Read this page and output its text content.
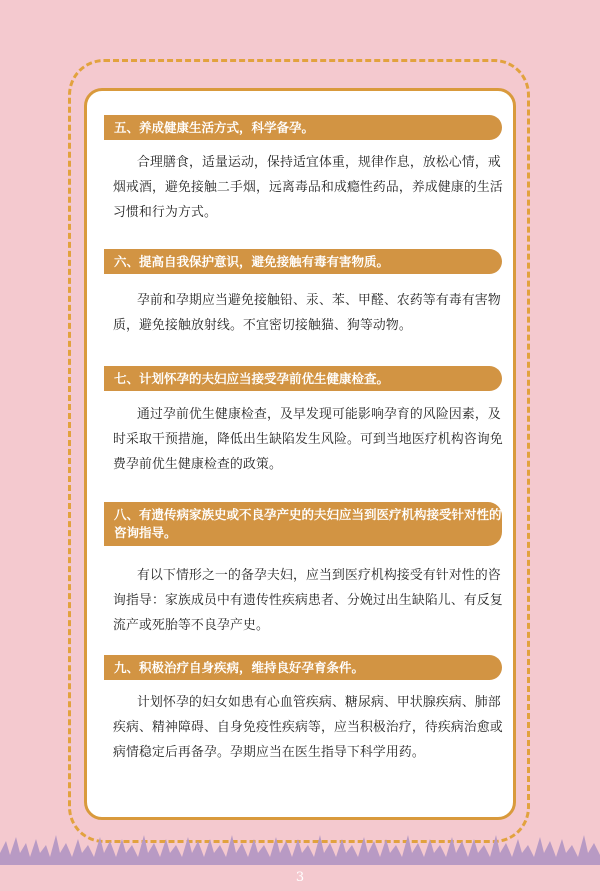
五、养成健康生活方式，科学备孕。

合理膳食，适量运动，保持适宜体重，规律作息，放松心情，戒烟戒酒，避免接触二手烟，远离毒品和成瘾性药品，养成健康的生活习惯和行为方式。

六、提高自我保护意识，避免接触有毒有害物质。

孕前和孕期应当避免接触铅、汞、苯、甲醛、农药等有毒有害物质，避免接触放射线。不宜密切接触猫、狗等动物。

七、计划怀孕的夫妇应当接受孕前优生健康检查。

通过孕前优生健康检查，及早发现可能影响孕育的风险因素，及时采取干预措施，降低出生缺陷发生风险。可到当地医疗机构咨询免费孕前优生健康检查的政策。

八、有遗传病家族史或不良孕产史的夫妇应当到医疗机构接受针对性的咨询指导。

有以下情形之一的备孕夫妇，应当到医疗机构接受有针对性的咨询指导：家族成员中有遗传性疾病患者、分娩过出生缺陷儿、有反复流产或死胎等不良孕产史。

九、积极治疗自身疾病，维持良好孕育条件。

计划怀孕的妇女如患有心血管疾病、糖尿病、甲状腺疾病、肺部疾病、精神障碍、自身免疫性疾病等，应当积极治疗，待疾病治愈或病情稳定后再备孕。孕期应当在医生指导下科学用药。

3
